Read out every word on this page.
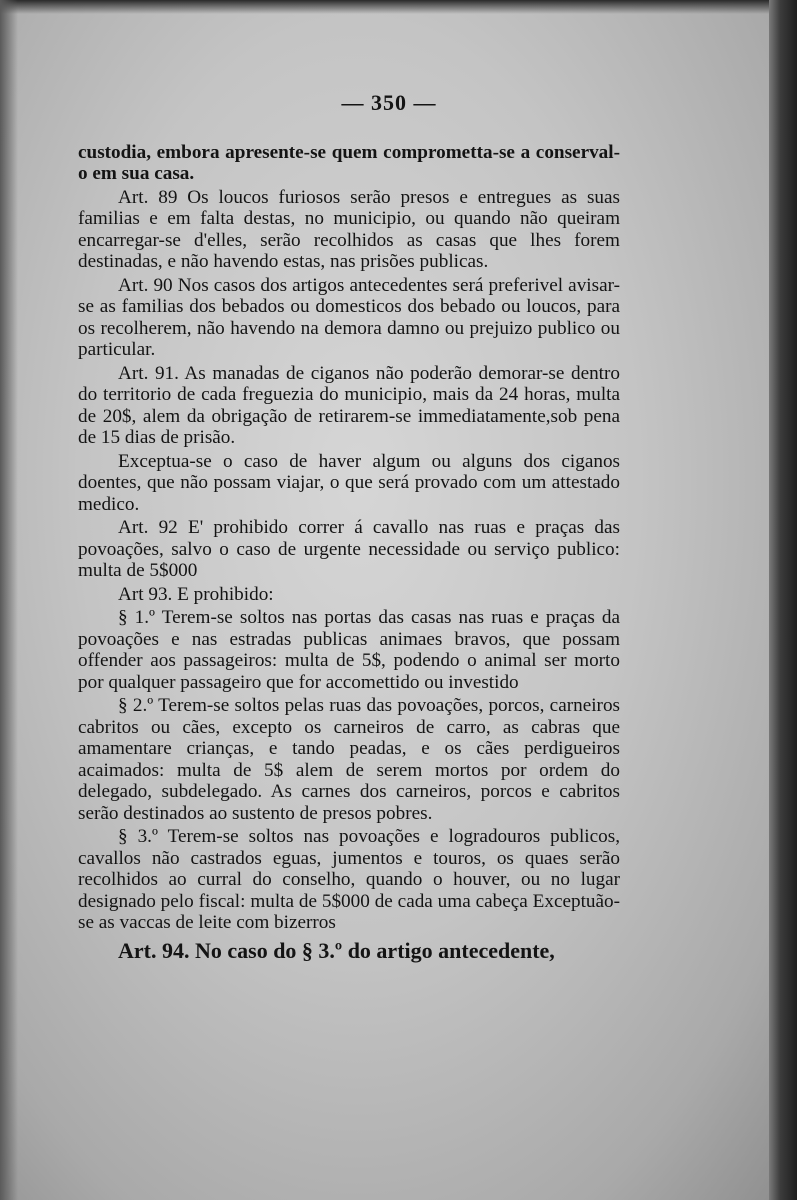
— 350 —

custodia, embora apresente-se quem compromettа-se a conserval-o em sua casa.

Art. 89 Os loucos furiosos serão presos e entregues as suas familias e em falta destas, no municipio, ou quando não queiram encarregar-se d'elles, serão recolhidos as casas que lhes forem destinadas, e não havendo estas, nas prisões publicas.

Art. 90 Nos casos dos artigos antecedentes será preferivel avisar-se as familias dos bebados ou domesticos dos bebado ou loucos, para os recolherem, não havendo na demora damno ou prejuizo publico ou particular.

Art. 91. As manadas de ciganos não poderão demorar-se dentro do territorio de cada freguezia do municipio, mais da 24 horas, multa de 20$, alem da obrigação de retirarem-se immediatamente,sob pena de 15 dias de prisão.

Exceptua-se o caso de haver algum ou alguns dos ciganos doentes, que não possam viajar, o que será provado com um attestado medico.

Art. 92 E' prohibido correr á cavallo nas ruas e praças das povoações, salvo o caso de urgente necessidade ou serviço publico: multa de 5$000

Art 93. E prohibido:

§ 1.º Terem-se soltos nas portas das casas nas ruas e praças da povoações e nas estradas publicas animaes bravos, que possam offender aos passageiros: multa de 5$, podendo o animal ser morto por qualquer passageiro que for accomettido ou investido

§ 2.º Terem-se soltos pelas ruas das povoações, porcos, carneiros cabritos ou cães, excepto os carneiros de carro, as cabras que amamentare crianças, e tando peadas, e os cães perdigueiros acaimados: multa de 5$ alem de serem mortos por ordem do delegado, subdelegado. As carnes dos carneiros, porcos e cabritos serão destinados ao sustento de presos pobres.

§ 3.º Terem-se soltos nas povoações e logradouros publicos, cavallos não castrados eguas, jumentos e touros, os quaes serão recolhidos ao curral do conselho, quando o houver, ou no lugar designado pelo fiscal: multa de 5$000 de cada uma cabeça Exceptuão-se as vaccas de leite com bizerros

Art. 94. No caso do § 3.º do artigo antecedente,
